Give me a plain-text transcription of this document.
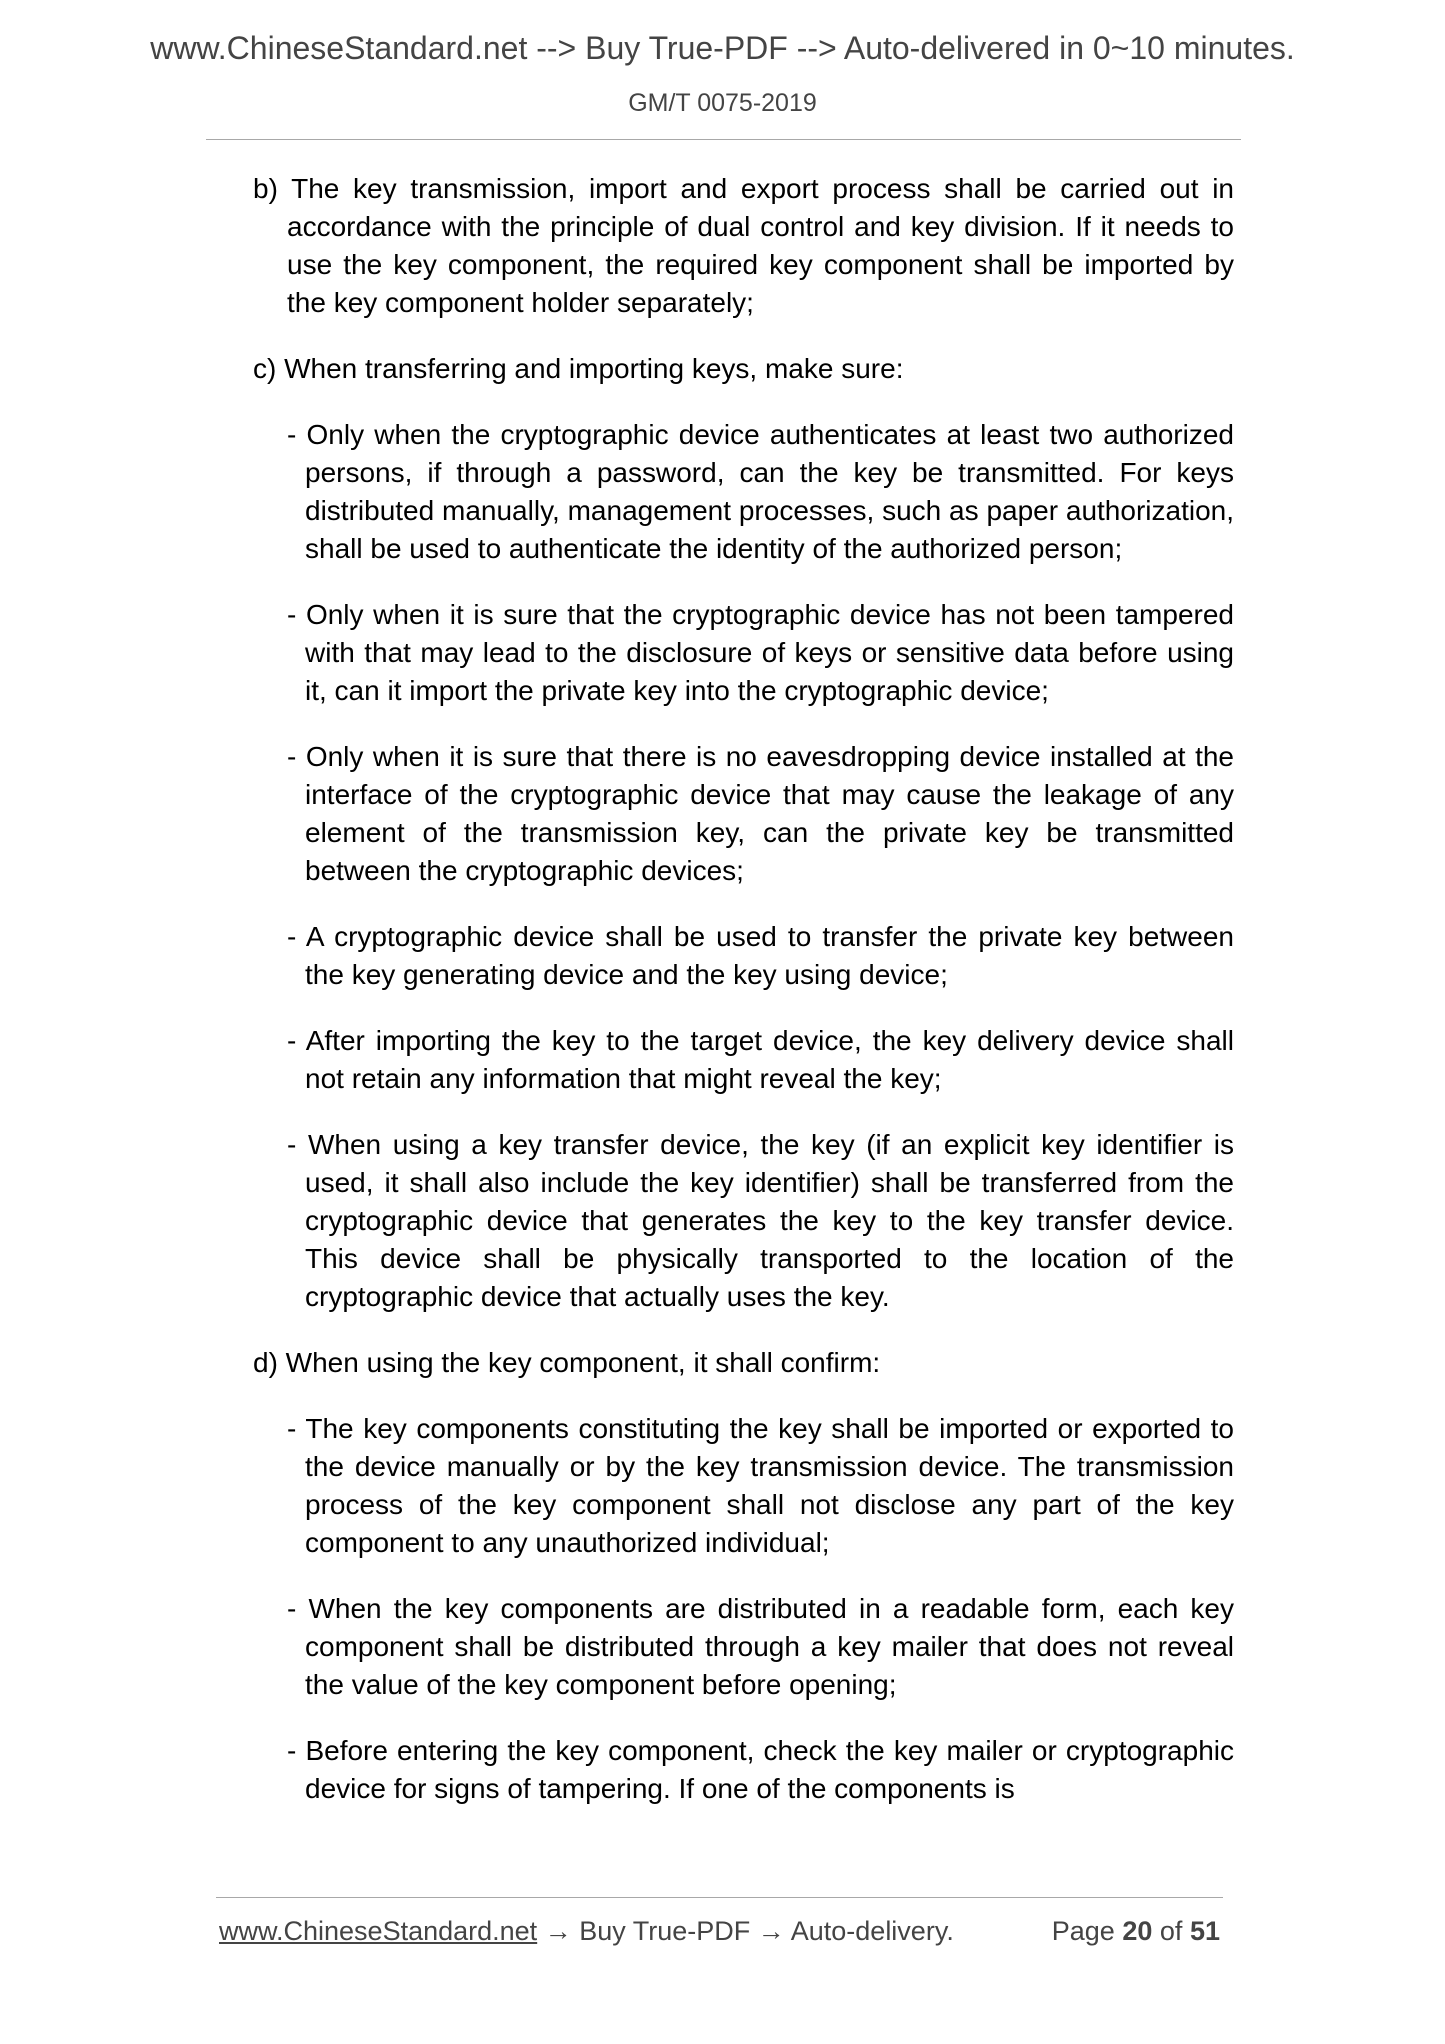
www.ChineseStandard.net --> Buy True-PDF --> Auto-delivered in 0~10 minutes.
GM/T 0075-2019
b) The key transmission, import and export process shall be carried out in accordance with the principle of dual control and key division. If it needs to use the key component, the required key component shall be imported by the key component holder separately;
c) When transferring and importing keys, make sure:
- Only when the cryptographic device authenticates at least two authorized persons, if through a password, can the key be transmitted. For keys distributed manually, management processes, such as paper authorization, shall be used to authenticate the identity of the authorized person;
- Only when it is sure that the cryptographic device has not been tampered with that may lead to the disclosure of keys or sensitive data before using it, can it import the private key into the cryptographic device;
- Only when it is sure that there is no eavesdropping device installed at the interface of the cryptographic device that may cause the leakage of any element of the transmission key, can the private key be transmitted between the cryptographic devices;
- A cryptographic device shall be used to transfer the private key between the key generating device and the key using device;
- After importing the key to the target device, the key delivery device shall not retain any information that might reveal the key;
- When using a key transfer device, the key (if an explicit key identifier is used, it shall also include the key identifier) shall be transferred from the cryptographic device that generates the key to the key transfer device. This device shall be physically transported to the location of the cryptographic device that actually uses the key.
d) When using the key component, it shall confirm:
- The key components constituting the key shall be imported or exported to the device manually or by the key transmission device. The transmission process of the key component shall not disclose any part of the key component to any unauthorized individual;
- When the key components are distributed in a readable form, each key component shall be distributed through a key mailer that does not reveal the value of the key component before opening;
- Before entering the key component, check the key mailer or cryptographic device for signs of tampering. If one of the components is
www.ChineseStandard.net → Buy True-PDF → Auto-delivery.	Page 20 of 51
